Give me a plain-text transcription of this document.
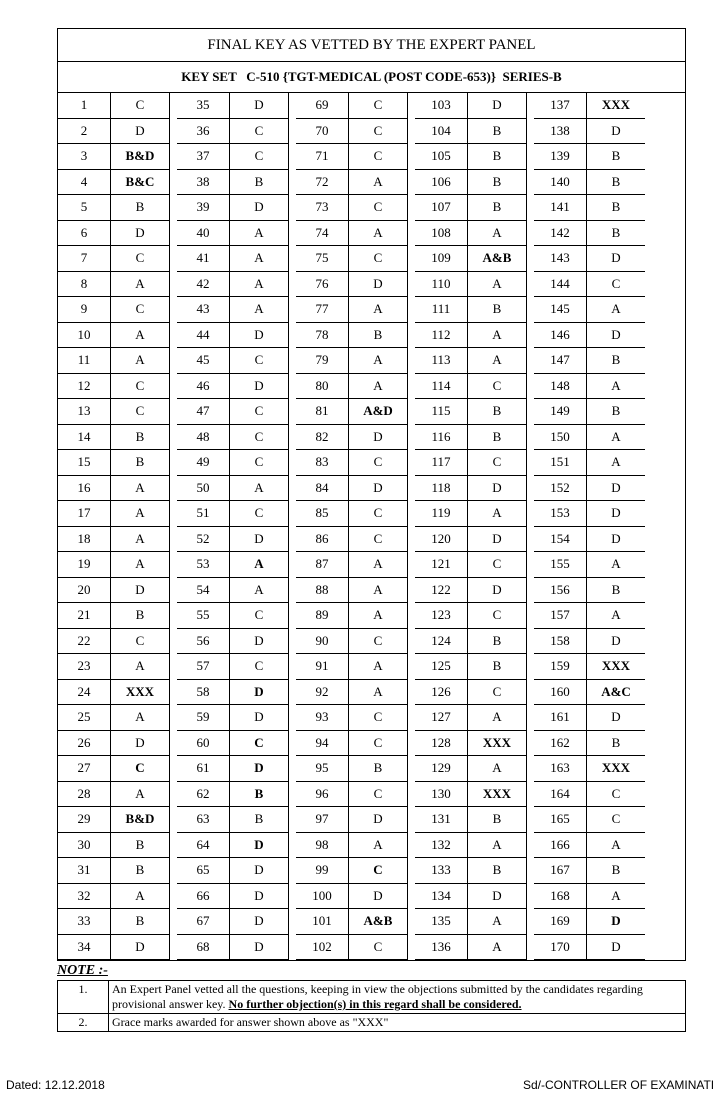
FINAL KEY AS VETTED BY THE EXPERT PANEL
KEY SET   C-510 {TGT-MEDICAL (POST CODE-653)}  SERIES-B
1	C
2	D
3	B&D
4	B&C
5	B
6	D
7	C
8	A
9	C
10	A
11	A
12	C
13	C
14	B
15	B
16	A
17	A
18	A
19	A
20	D
21	B
22	C
23	A
24	XXX
25	A
26	D
27	C
28	A
29	B&D
30	B
31	B
32	A
33	B
34	D
35	D
36	C
37	C
38	B
39	D
40	A
41	A
42	A
43	A
44	D
45	C
46	D
47	C
48	C
49	C
50	A
51	C
52	D
53	A
54	A
55	C
56	D
57	C
58	D
59	D
60	C
61	D
62	B
63	B
64	D
65	D
66	D
67	D
68	D
69	C
70	C
71	C
72	A
73	C
74	A
75	C
76	D
77	A
78	B
79	A
80	A
81	A&D
82	D
83	C
84	D
85	C
86	C
87	A
88	A
89	A
90	C
91	A
92	A
93	C
94	C
95	B
96	C
97	D
98	A
99	C
100	D
101	A&B
102	C
103	D
104	B
105	B
106	B
107	B
108	A
109	A&B
110	A
111	B
112	A
113	A
114	C
115	B
116	B
117	C
118	D
119	A
120	D
121	C
122	D
123	C
124	B
125	B
126	C
127	A
128	XXX
129	A
130	XXX
131	B
132	A
133	B
134	D
135	A
136	A
137	XXX
138	D
139	B
140	B
141	B
142	B
143	D
144	C
145	A
146	D
147	B
148	A
149	B
150	A
151	A
152	D
153	D
154	D
155	A
156	B
157	A
158	D
159	XXX
160	A&C
161	D
162	B
163	XXX
164	C
165	C
166	A
167	B
168	A
169	D
170	D
NOTE :-
1.	An Expert Panel vetted all the questions, keeping in view the objections submitted by the candidates regarding provisional answer key. No further objection(s) in this regard shall be considered.
2.	Grace marks awarded for answer shown above as "XXX"
Dated: 12.12.2018	Sd/-CONTROLLER OF EXAMINATI
